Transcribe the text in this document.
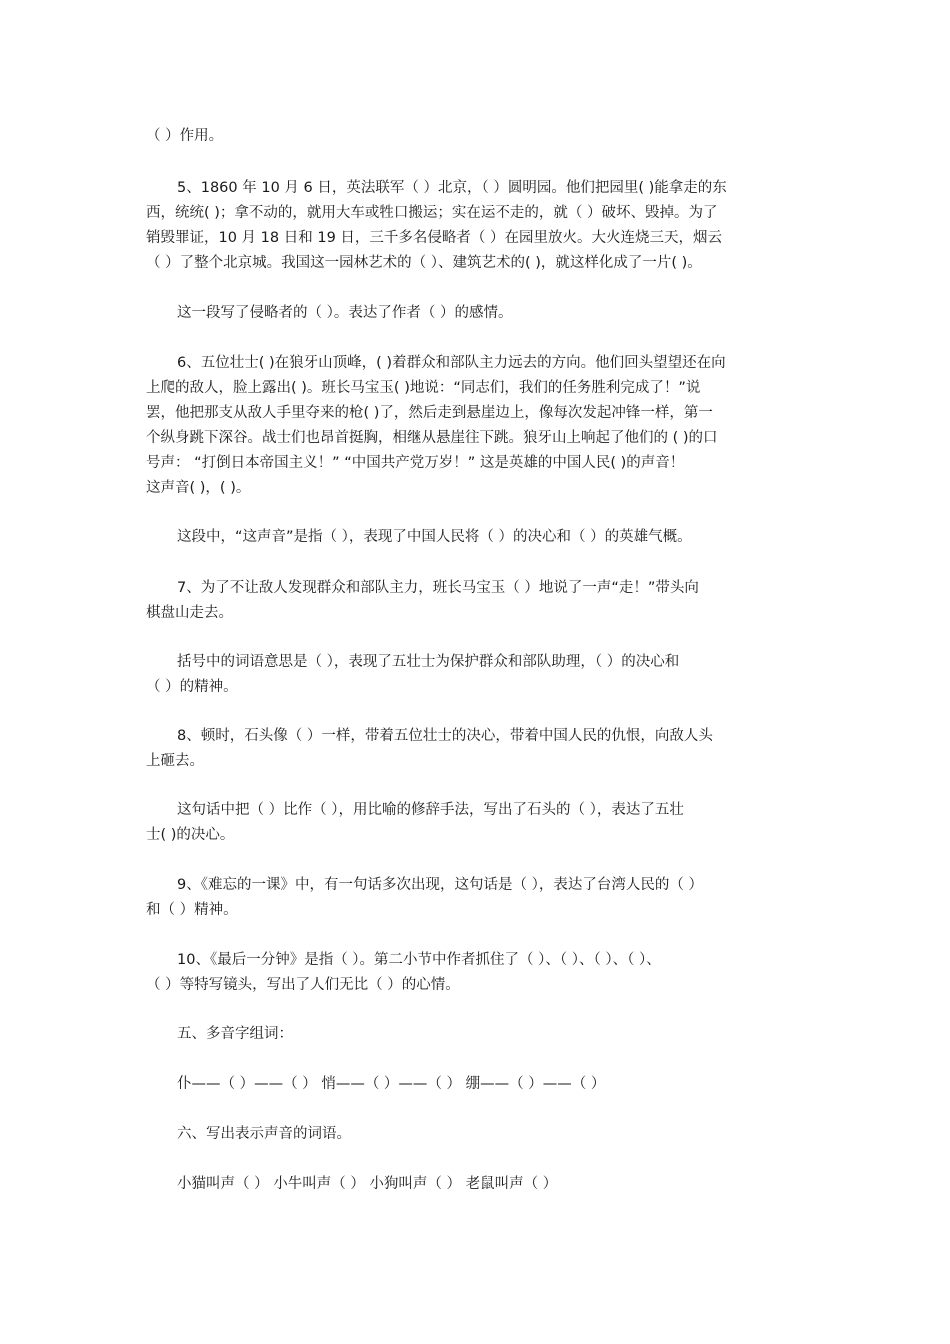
（ ）作用。

5、1860 年 10 月 6 日，英法联军（ ）北京，（ ）圆明园。他们把园里( )能拿走的东
西，统统( )；拿不动的，就用大车或牲口搬运；实在运不走的，就（ ）破坏、毁掉。为了
销毁罪证，10 月 18 日和 19 日，三千多名侵略者（ ）在园里放火。大火连烧三天，烟云
（ ）了整个北京城。我国这一园林艺术的（ ）、建筑艺术的( )，就这样化成了一片( )。

这一段写了侵略者的（ ）。表达了作者（ ）的感情。

6、五位壮士( )在狼牙山顶峰，( )着群众和部队主力远去的方向。他们回头望望还在向
上爬的敌人，脸上露出( )。班长马宝玉( )地说：“同志们，我们的任务胜利完成了！”说
罢，他把那支从敌人手里夺来的枪( )了，然后走到悬崖边上，像每次发起冲锋一样，第一
个纵身跳下深谷。战士们也昂首挺胸，相继从悬崖往下跳。狼牙山上响起了他们的 ( )的口
号声： “打倒日本帝国主义！” “中国共产党万岁！” 这是英雄的中国人民( )的声音！
这声音( )，( )。

这段中，“这声音”是指（ ），表现了中国人民将（ ）的决心和（ ）的英雄气概。

7、为了不让敌人发现群众和部队主力，班长马宝玉（ ）地说了一声“走！”带头向
棋盘山走去。

括号中的词语意思是（ ），表现了五壮士为保护群众和部队助理，（ ）的决心和
（ ）的精神。

8、顿时，石头像（ ）一样，带着五位壮士的决心，带着中国人民的仇恨，向敌人头
上砸去。

这句话中把（ ）比作（ ），用比喻的修辞手法，写出了石头的（ ），表达了五壮
士( )的决心。

9、《难忘的一课》中，有一句话多次出现，这句话是（ ），表达了台湾人民的（ ）
和（ ）精神。

10、《最后一分钟》是指（ ）。第二小节中作者抓住了（ ）、（ ）、（ ）、（ ）、
（ ）等特写镜头，写出了人们无比（ ）的心情。

五、多音字组词：

仆——（ ）——（ ） 悄——（ ）——（ ） 绷——（ ）——（ ）

六、写出表示声音的词语。

小猫叫声（ ） 小牛叫声（ ） 小狗叫声（ ） 老鼠叫声（ ）
